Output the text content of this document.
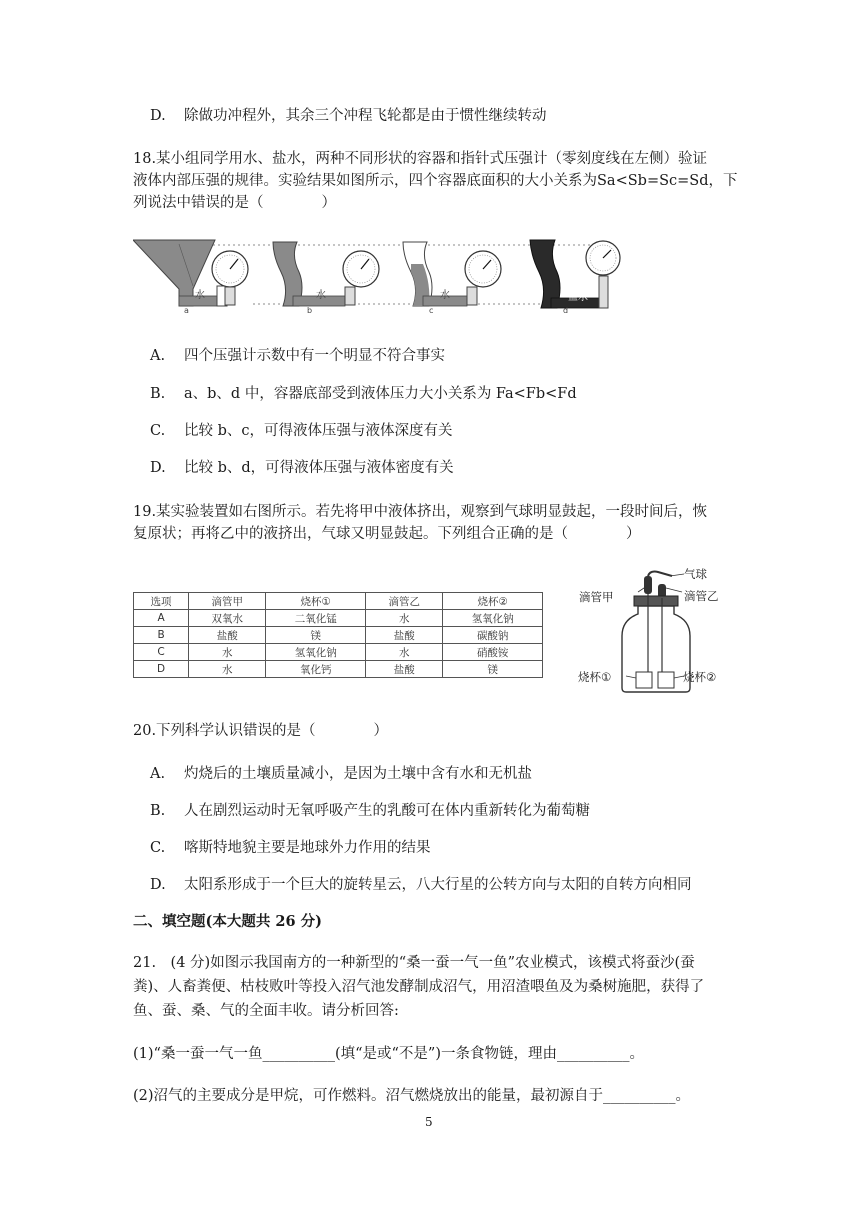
D. 除做功冲程外，其余三个冲程飞轮都是由于惯性继续转动
18.某小组同学用水、盐水，两种不同形状的容器和指针式压强计（零刻度线在左侧）验证
液体内部压强的规律。实验结果如图所示，四个容器底面积的大小关系为Sa<Sb=Sc=Sd，下
列说法中错误的是（　　　　）
水	水	水	盐水
a	b	c	d
A. 四个压强计示数中有一个明显不符合事实
B. a、b、d 中，容器底部受到液体压力大小关系为 Fa<Fb<Fd
C. 比较 b、c，可得液体压强与液体深度有关
D. 比较 b、d，可得液体压强与液体密度有关
19.某实验装置如右图所示。若先将甲中液体挤出，观察到气球明显鼓起，一段时间后，恢
复原状；再将乙中的液挤出，气球又明显鼓起。下列组合正确的是（　　　　）
选项	滴管甲	烧杯①	滴管乙	烧杯②
A	双氧水	二氧化锰	水	氢氧化钠
B	盐酸	镁	盐酸	碳酸钠
C	水	氢氧化钠	水	硝酸铵
D	水	氧化钙	盐酸	镁
气球
滴管甲	滴管乙
烧杯①	烧杯②
20.下列科学认识错误的是（　　　　）
A. 灼烧后的土壤质量减小，是因为土壤中含有水和无机盐
B. 人在剧烈运动时无氧呼吸产生的乳酸可在体内重新转化为葡萄糖
C. 喀斯特地貌主要是地球外力作用的结果
D. 太阳系形成于一个巨大的旋转星云，八大行星的公转方向与太阳的自转方向相同
二、填空题(本大题共 26 分)
21.　(4 分)如图示我国南方的一种新型的“桑一蚕一气一鱼”农业模式，该模式将蚕沙(蚕
粪)、人畜粪便、枯枝败叶等投入沼气池发酵制成沼气，用沼渣喂鱼及为桑树施肥，获得了
鱼、蚕、桑、气的全面丰收。请分析回答:
(1)“桑一蚕一气一鱼__________(填“是或“不是”)一条食物链，理由__________。
(2)沼气的主要成分是甲烷，可作燃料。沼气燃烧放出的能量，最初源自于__________。
5
